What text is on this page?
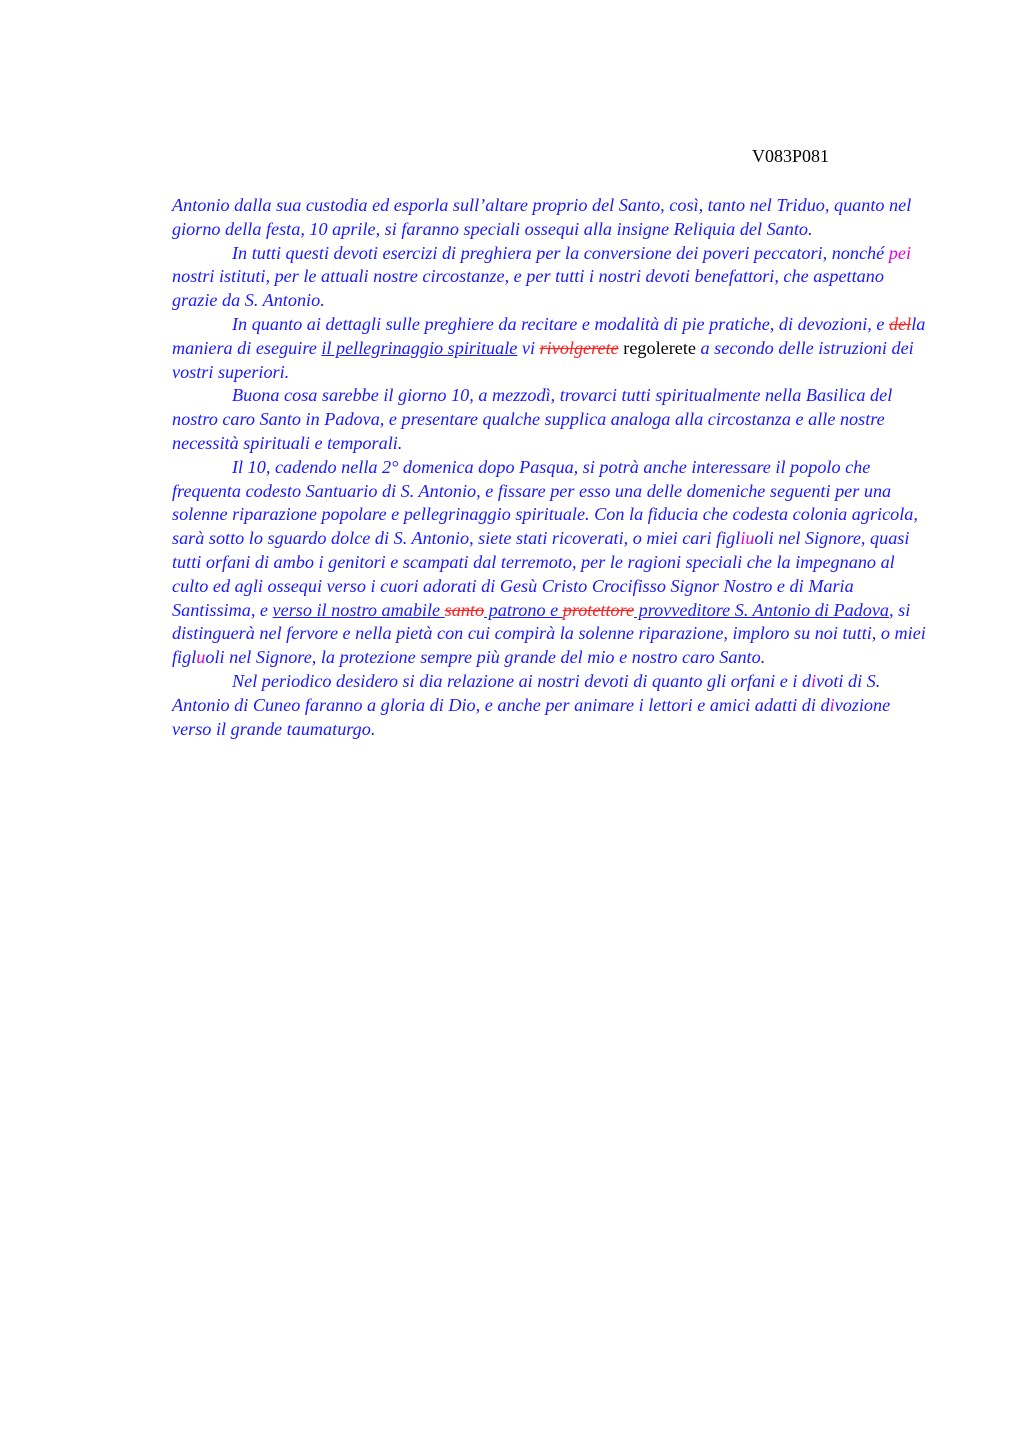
V083P081

Antonio dalla sua custodia ed esporla sull’altare proprio del Santo, così, tanto nel Triduo, quanto nel giorno della festa, 10 aprile, si faranno speciali ossequi alla insigne Reliquia del Santo.

In tutti questi devoti esercizi di preghiera per la conversione dei poveri peccatori, nonché pei nostri istituti, per le attuali nostre circostanze, e per tutti i nostri devoti benefattori, che aspettano grazie da S. Antonio.

In quanto ai dettagli sulle preghiere da recitare e modalità di pie pratiche, di devozioni, e della maniera di eseguire il pellegrinaggio spirituale vi rivolgerete regolerete a secondo delle istruzioni dei vostri superiori.

Buona cosa sarebbe il giorno 10, a mezzodì, trovarci tutti spiritualmente nella Basilica del nostro caro Santo in Padova, e presentare qualche supplica analoga alla circostanza e alle nostre necessità spirituali e temporali.

Il 10, cadendo nella 2° domenica dopo Pasqua, si potrà anche interessare il popolo che frequenta codesto Santuario di S. Antonio, e fissare per esso una delle domeniche seguenti per una solenne riparazione popolare e pellegrinaggio spirituale. Con la fiducia che codesta colonia agricola, sarà sotto lo sguardo dolce di S. Antonio, siete stati ricoverati, o miei cari figliuoli nel Signore, quasi tutti orfani di ambo i genitori e scampati dal terremoto, per le ragioni speciali che la impegnano al culto ed agli ossequi verso i cuori adorati di Gesù Cristo Crocifisso Signor Nostro e di Maria Santissima, e verso il nostro amabile santo patrono e protettore provveditore S. Antonio di Padova, si distinguerà nel fervore e nella pietà con cui compirà la solenne riparazione, imploro su noi tutti, o miei figluoli nel Signore, la protezione sempre più grande del mio e nostro caro Santo.

Nel periodico desidero si dia relazione ai nostri devoti di quanto gli orfani e i divoti di S. Antonio di Cuneo faranno a gloria di Dio, e anche per animare i lettori e amici adatti di divozione verso il grande taumaturgo.
